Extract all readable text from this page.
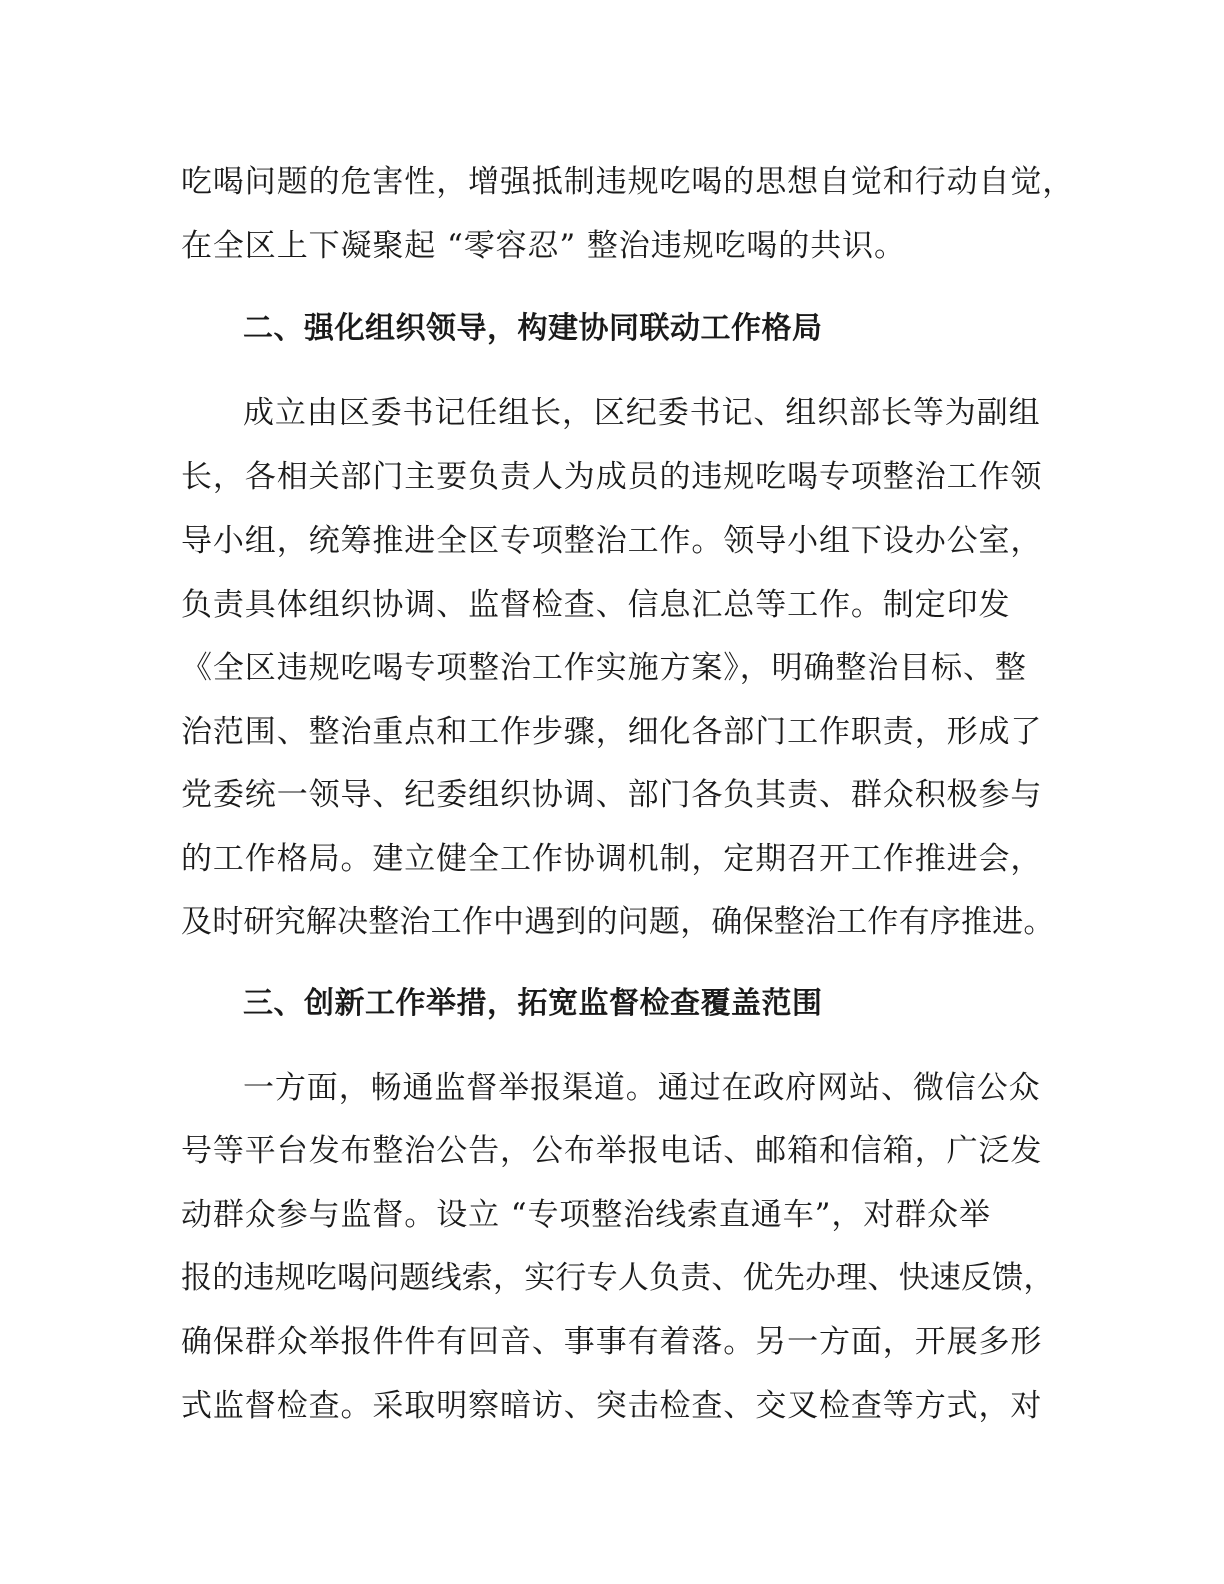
吃喝问题的危害性，增强抵制违规吃喝的思想自觉和行动自觉，
在全区上下凝聚起 “零容忍” 整治违规吃喝的共识。
二、强化组织领导，构建协同联动工作格局
成立由区委书记任组长，区纪委书记、组织部长等为副组
长，各相关部门主要负责人为成员的违规吃喝专项整治工作领
导小组，统筹推进全区专项整治工作。领导小组下设办公室，
负责具体组织协调、监督检查、信息汇总等工作。制定印发
《全区违规吃喝专项整治工作实施方案》，明确整治目标、整
治范围、整治重点和工作步骤，细化各部门工作职责，形成了
党委统一领导、纪委组织协调、部门各负其责、群众积极参与
的工作格局。建立健全工作协调机制，定期召开工作推进会，
及时研究解决整治工作中遇到的问题，确保整治工作有序推进。
三、创新工作举措，拓宽监督检查覆盖范围
一方面，畅通监督举报渠道。通过在政府网站、微信公众
号等平台发布整治公告，公布举报电话、邮箱和信箱，广泛发
动群众参与监督。设立 “专项整治线索直通车”，对群众举
报的违规吃喝问题线索，实行专人负责、优先办理、快速反馈，
确保群众举报件件有回音、事事有着落。另一方面，开展多形
式监督检查。采取明察暗访、突击检查、交叉检查等方式，对
